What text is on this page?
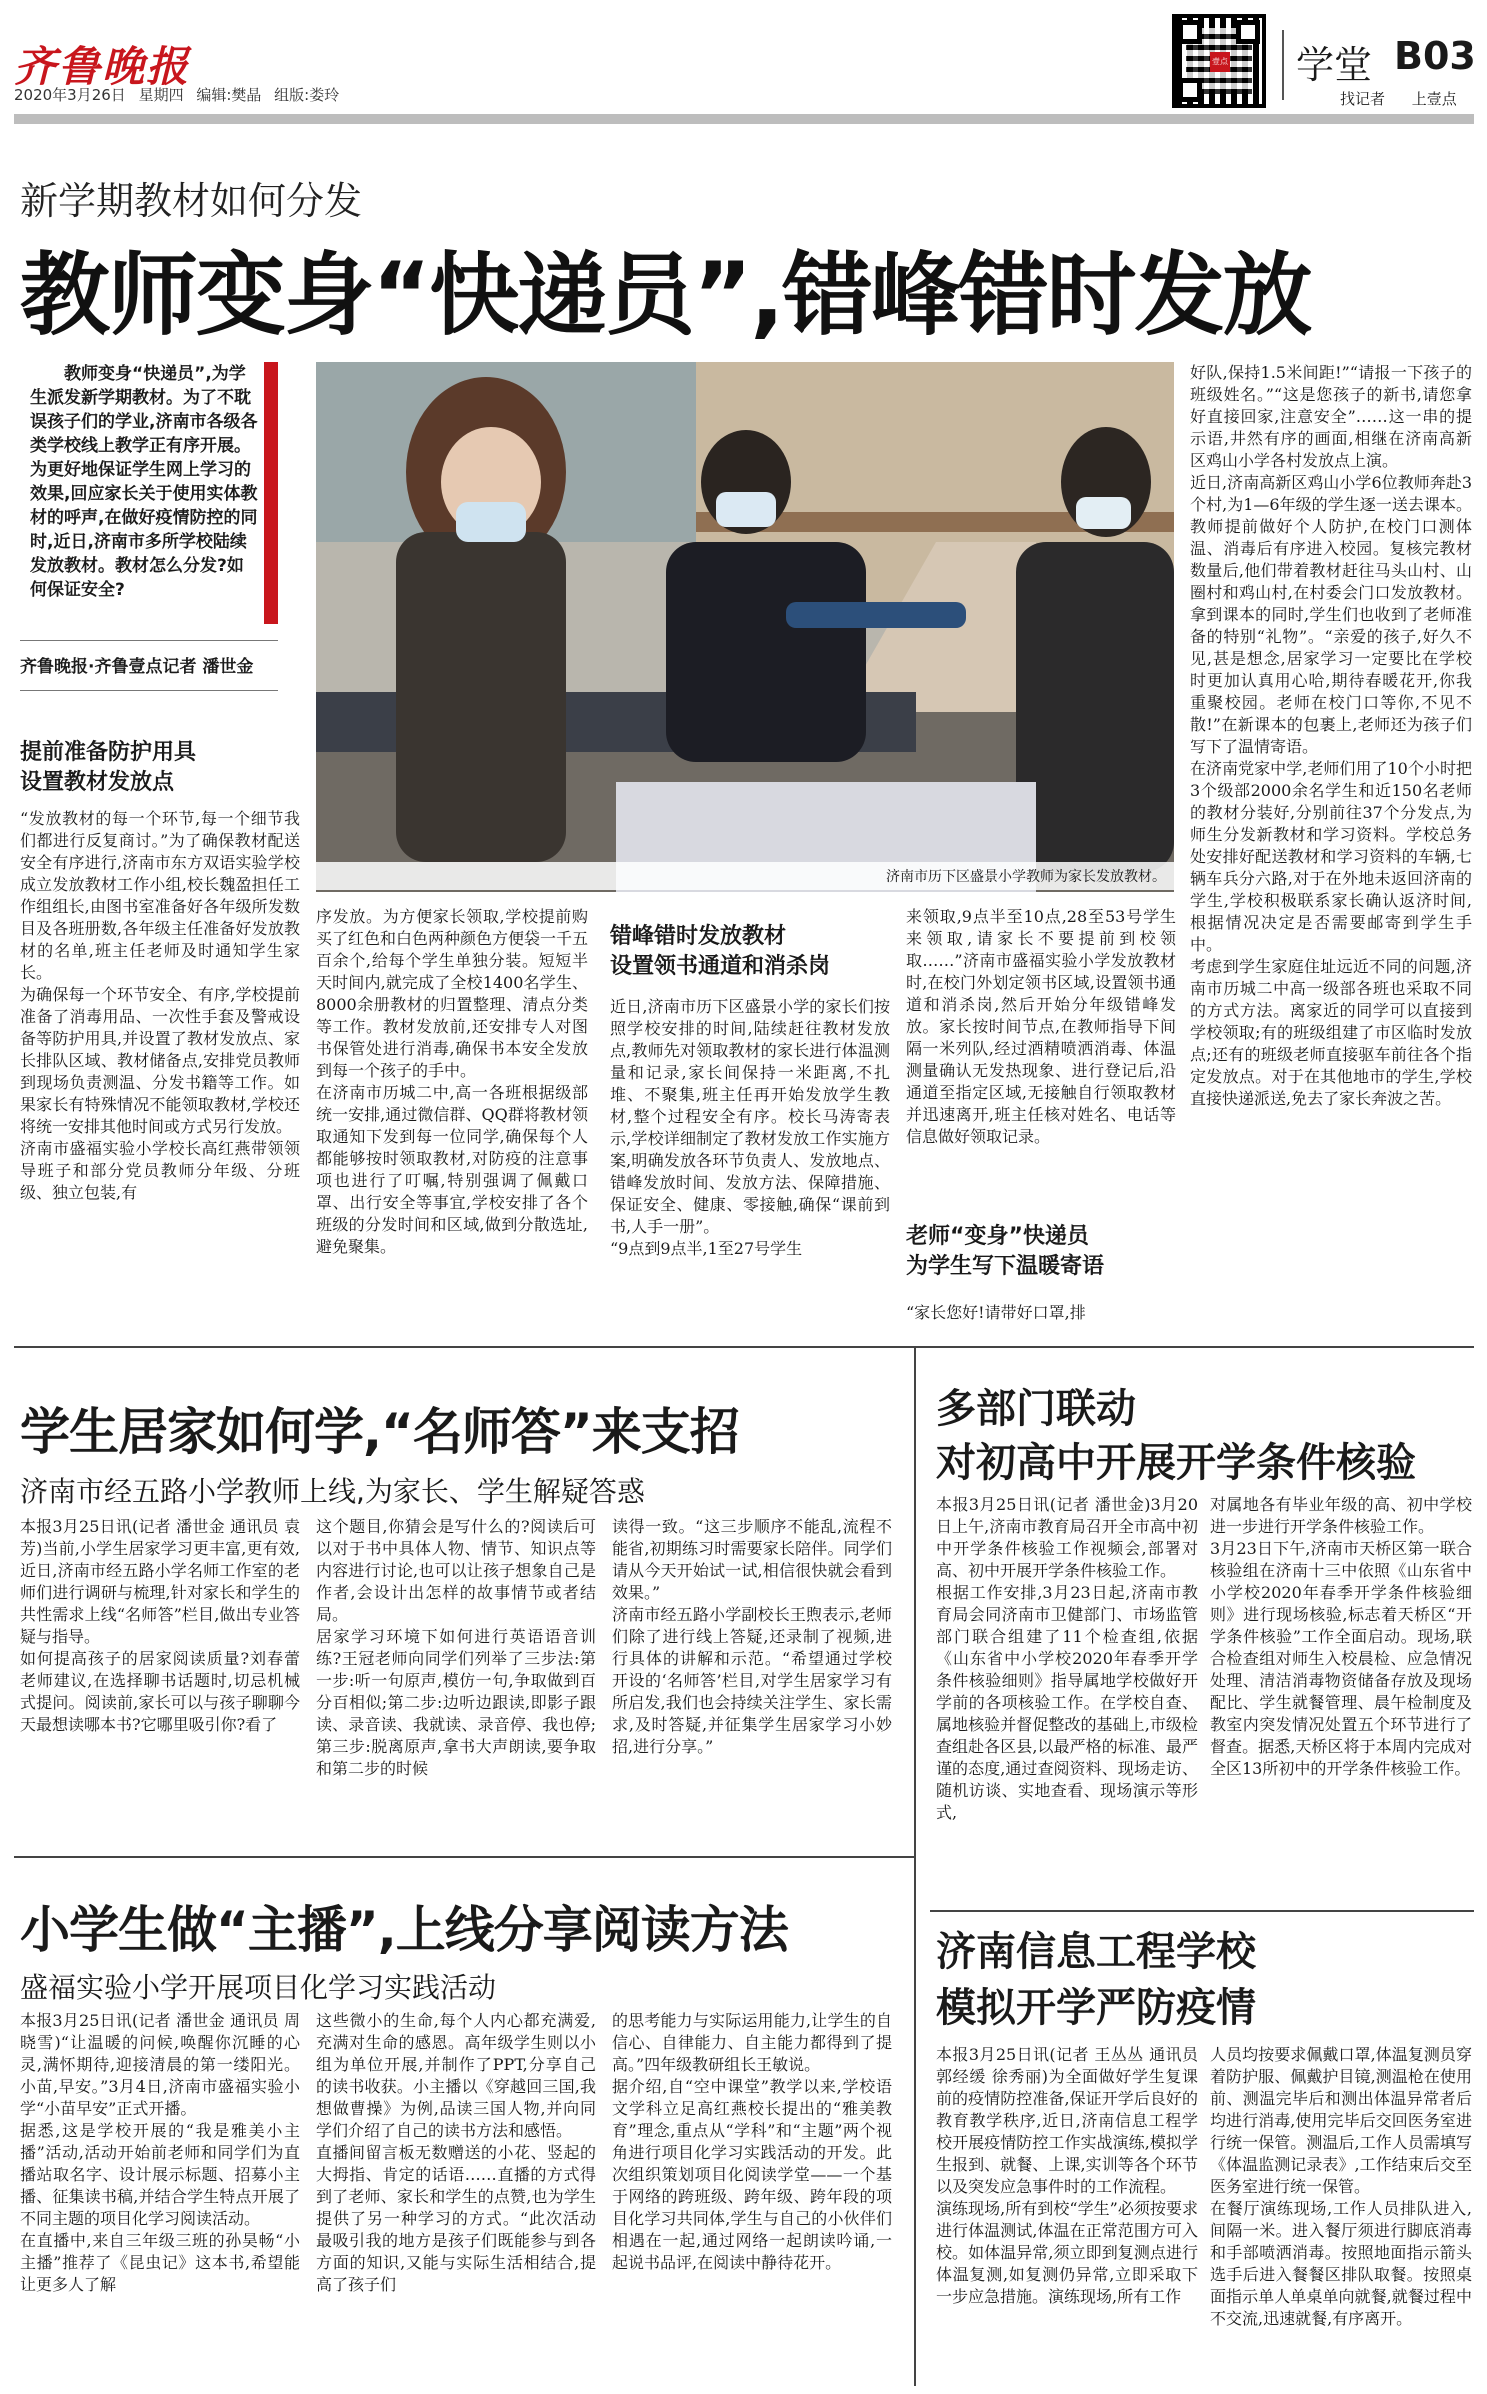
齐鲁晚报
2020年3月26日 星期四 编辑:樊晶 组版:娄玲
壹点 学堂 B03
找记者 上壹点
新学期教材如何分发
教师变身“快递员”,错峰错时发放
教师变身“快递员”,为学生派发新学期教材。为了不耽误孩子们的学业,济南市各级各类学校线上教学正有序开展。为更好地保证学生网上学习的效果,回应家长关于使用实体教材的呼声,在做好疫情防控的同时,近日,济南市多所学校陆续发放教材。教材怎么分发?如何保证安全?
齐鲁晚报·齐鲁壹点记者 潘世金
济南市历下区盛景小学教师为家长发放教材。
提前准备防护用具
设置教材发放点
“发放教材的每一个环节,每一个细节我们都进行反复商讨。”为了确保教材配送安全有序进行,济南市东方双语实验学校成立发放教材工作小组,校长魏盈担任工作组组长,由图书室准备好各年级所发数目及各班册数,各年级主任准备好发放教材的名单,班主任老师及时通知学生家长。
为确保每一个环节安全、有序,学校提前准备了消毒用品、一次性手套及警戒设备等防护用具,并设置了教材发放点、家长排队区域、教材储备点,安排党员教师到现场负责测温、分发书籍等工作。如果家长有特殊情况不能领取教材,学校还将统一安排其他时间或方式另行发放。
济南市盛福实验小学校长高红燕带领领导班子和部分党员教师分年级、分班级、独立包装,有
序发放。为方便家长领取,学校提前购买了红色和白色两种颜色方便袋一千五百余个,给每个学生单独分装。短短半天时间内,就完成了全校1400名学生、8000余册教材的归置整理、清点分类等工作。教材发放前,还安排专人对图书保管处进行消毒,确保书本安全发放到每一个孩子的手中。
在济南市历城二中,高一各班根据级部统一安排,通过微信群、QQ群将教材领取通知下发到每一位同学,确保每个人都能够按时领取教材,对防疫的注意事项也进行了叮嘱,特别强调了佩戴口罩、出行安全等事宜,学校安排了各个班级的分发时间和区域,做到分散选址,避免聚集。
错峰错时发放教材
设置领书通道和消杀岗
近日,济南市历下区盛景小学的家长们按照学校安排的时间,陆续赶往教材发放点,教师先对领取教材的家长进行体温测量和记录,家长间保持一米距离,不扎堆、不聚集,班主任再开始发放学生教材,整个过程安全有序。校长马涛寄表示,学校详细制定了教材发放工作实施方案,明确发放各环节负责人、发放地点、错峰发放时间、发放方法、保障措施、保证安全、健康、零接触,确保“课前到书,人手一册”。
“9点到9点半,1至27号学生
来领取,9点半至10点,28至53号学生来领取,请家长不要提前到校领取……”济南市盛福实验小学发放教材时,在校门外划定领书区域,设置领书通道和消杀岗,然后开始分年级错峰发放。家长按时间节点,在教师指导下间隔一米列队,经过酒精喷洒消毒、体温测量确认无发热现象、进行登记后,沿通道至指定区域,无接触自行领取教材并迅速离开,班主任核对姓名、电话等信息做好领取记录。
老师“变身”快递员
为学生写下温暖寄语
“家长您好!请带好口罩,排
好队,保持1.5米间距!”“请报一下孩子的班级姓名。”“这是您孩子的新书,请您拿好直接回家,注意安全”……这一串的提示语,井然有序的画面,相继在济南高新区鸡山小学各村发放点上演。
近日,济南高新区鸡山小学6位教师奔赴3个村,为1—6年级的学生逐一送去课本。教师提前做好个人防护,在校门口测体温、消毒后有序进入校园。复核完教材数量后,他们带着教材赶往马头山村、山圈村和鸡山村,在村委会门口发放教材。拿到课本的同时,学生们也收到了老师准备的特别“礼物”。“亲爱的孩子,好久不见,甚是想念,居家学习一定要比在学校时更加认真用心哈,期待春暖花开,你我重聚校园。老师在校门口等你,不见不散!”在新课本的包裹上,老师还为孩子们写下了温情寄语。
在济南党家中学,老师们用了10个小时把3个级部2000余名学生和近150名老师的教材分装好,分别前往37个分发点,为师生分发新教材和学习资料。学校总务处安排好配送教材和学习资料的车辆,七辆车兵分六路,对于在外地未返回济南的学生,学校积极联系家长确认返济时间,根据情况决定是否需要邮寄到学生手中。
考虑到学生家庭住址远近不同的问题,济南市历城二中高一级部各班也采取不同的方式方法。离家近的同学可以直接到学校领取;有的班级组建了市区临时发放点;还有的班级老师直接驱车前往各个指定发放点。对于在其他地市的学生,学校直接快递派送,免去了家长奔波之苦。
学生居家如何学,“名师答”来支招
济南市经五路小学教师上线,为家长、学生解疑答惑
本报3月25日讯(记者 潘世金 通讯员 袁芳)当前,小学生居家学习更丰富,更有效,近日,济南市经五路小学名师工作室的老师们进行调研与梳理,针对家长和学生的共性需求上线“名师答”栏目,做出专业答疑与指导。
如何提高孩子的居家阅读质量?刘春蕾老师建议,在选择聊书话题时,切忌机械式提问。阅读前,家长可以与孩子聊聊今天最想读哪本书?它哪里吸引你?看了
这个题目,你猜会是写什么的?阅读后可以对于书中具体人物、情节、知识点等内容进行讨论,也可以让孩子想象自己是作者,会设计出怎样的故事情节或者结局。
居家学习环境下如何进行英语语音训练?王冠老师向同学们列举了三步法:第一步:听一句原声,模仿一句,争取做到百分百相似;第二步:边听边跟读,即影子跟读、录音读、我就读、录音停、我也停;第三步:脱离原声,拿书大声朗读,要争取和第二步的时候
读得一致。“这三步顺序不能乱,流程不能省,初期练习时需要家长陪伴。同学们请从今天开始试一试,相信很快就会看到效果。”
济南市经五路小学副校长王煦表示,老师们除了进行线上答疑,还录制了视频,进行具体的讲解和示范。“希望通过学校开设的‘名师答’栏目,对学生居家学习有所启发,我们也会持续关注学生、家长需求,及时答疑,并征集学生居家学习小妙招,进行分享。”
小学生做“主播”,上线分享阅读方法
盛福实验小学开展项目化学习实践活动
本报3月25日讯(记者 潘世金 通讯员 周晓雪)“让温暖的问候,唤醒你沉睡的心灵,满怀期待,迎接清晨的第一缕阳光。小苗,早安。”3月4日,济南市盛福实验小学“小苗早安”正式开播。
据悉,这是学校开展的“我是雅美小主播”活动,活动开始前老师和同学们为直播站取名字、设计展示标题、招募小主播、征集读书稿,并结合学生特点开展了不同主题的项目化学习阅读活动。
在直播中,来自三年级三班的孙昊畅“小主播”推荐了《昆虫记》这本书,希望能让更多人了解
这些微小的生命,每个人内心都充满爱,充满对生命的感恩。高年级学生则以小组为单位开展,并制作了PPT,分享自己的读书收获。小主播以《穿越回三国,我想做曹操》为例,品读三国人物,并向同学们介绍了自己的读书方法和感悟。
直播间留言板无数赠送的小花、竖起的大拇指、肯定的话语……直播的方式得到了老师、家长和学生的点赞,也为学生提供了另一种学习的方式。“此次活动最吸引我的地方是孩子们既能参与到各方面的知识,又能与实际生活相结合,提高了孩子们
的思考能力与实际运用能力,让学生的自信心、自律能力、自主能力都得到了提高。”四年级教研组长王敏说。
据介绍,自“空中课堂”教学以来,学校语文学科立足高红燕校长提出的“雅美教育”理念,重点从“学科”和“主题”两个视角进行项目化学习实践活动的开发。此次组织策划项目化阅读学堂——一个基于网络的跨班级、跨年级、跨年段的项目化学习共同体,学生与自己的小伙伴们相遇在一起,通过网络一起朗读吟诵,一起说书品评,在阅读中静待花开。
多部门联动
对初高中开展开学条件核验
本报3月25日讯(记者 潘世金)3月20日上午,济南市教育局召开全市高中初中开学条件核验工作视频会,部署对高、初中开展开学条件核验工作。
根据工作安排,3月23日起,济南市教育局会同济南市卫健部门、市场监管部门联合组建了11个检查组,依据《山东省中小学校2020年春季开学条件核验细则》指导属地学校做好开学前的各项核验工作。在学校自查、属地核验并督促整改的基础上,市级检查组赴各区县,以最严格的标准、最严谨的态度,通过查阅资料、现场走访、随机访谈、实地查看、现场演示等形式,
对属地各有毕业年级的高、初中学校进一步进行开学条件核验工作。
3月23日下午,济南市天桥区第一联合核验组在济南十三中依照《山东省中小学校2020年春季开学条件核验细则》进行现场核验,标志着天桥区“开学条件核验”工作全面启动。现场,联合检查组对师生入校晨检、应急情况处理、清洁消毒物资储备存放及现场配比、学生就餐管理、晨午检制度及教室内突发情况处置五个环节进行了督查。据悉,天桥区将于本周内完成对全区13所初中的开学条件核验工作。
济南信息工程学校
模拟开学严防疫情
本报3月25日讯(记者 王丛丛 通讯员 郭经缓 徐秀丽)为全面做好学生复课前的疫情防控准备,保证开学后良好的教育教学秩序,近日,济南信息工程学校开展疫情防控工作实战演练,模拟学生报到、就餐、上课,实训等各个环节以及突发应急事件时的工作流程。
演练现场,所有到校“学生”必须按要求进行体温测试,体温在正常范围方可入校。如体温异常,须立即到复测点进行体温复测,如复测仍异常,立即采取下一步应急措施。演练现场,所有工作
人员均按要求佩戴口罩,体温复测员穿着防护服、佩戴护目镜,测温枪在使用前、测温完毕后和测出体温异常者后均进行消毒,使用完毕后交回医务室进行统一保管。测温后,工作人员需填写《体温监测记录表》,工作结束后交至医务室进行统一保管。
在餐厅演练现场,工作人员排队进入,间隔一米。进入餐厅须进行脚底消毒和手部喷洒消毒。按照地面指示箭头选手后进入餐餐区排队取餐。按照桌面指示单人单桌单向就餐,就餐过程中不交流,迅速就餐,有序离开。
